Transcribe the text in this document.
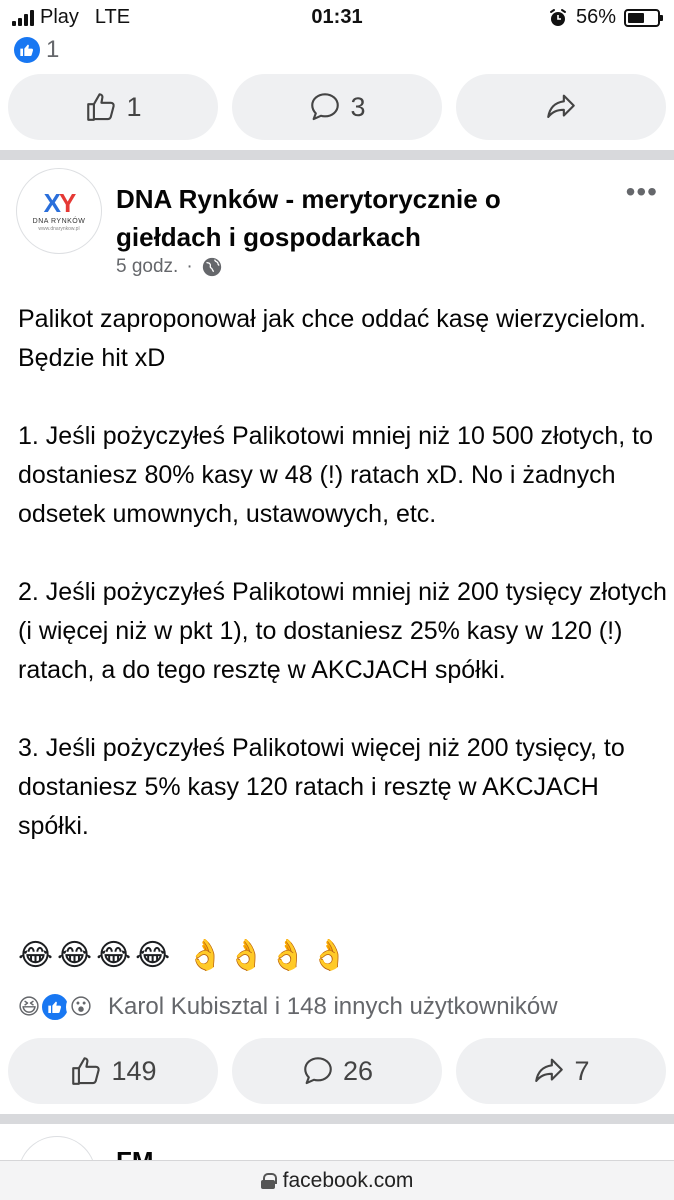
Play LTE	01:31	56%
1
1	3
XY
DNA RYNKÓW
www.dnarynkow.pl
DNA Rynków - merytorycznie o giełdach i gospodarkach
5 godz. ·
•••

Palikot zaproponował jak chce oddać kasę wierzycielom. Będzie hit xD

1. Jeśli pożyczyłeś Palikotowi mniej niż 10 500 złotych, to dostaniesz 80% kasy w 48 (!) ratach xD. No i żadnych odsetek umownych, ustawowych, etc.

2. Jeśli pożyczyłeś Palikotowi mniej niż 200 tysięcy złotych (i więcej niż w pkt 1), to dostaniesz 25% kasy w 120 (!) ratach, a do tego resztę w AKCJACH spółki.

3. Jeśli pożyczyłeś Palikotowi więcej niż 200 tysięcy, to dostaniesz 5% kasy 120 ratach i resztę w AKCJACH spółki.

😂😂😂😂 👌👌👌👌
😆 😮 Karol Kubisztal i 148 innych użytkowników
149	26	7
facebook.com
